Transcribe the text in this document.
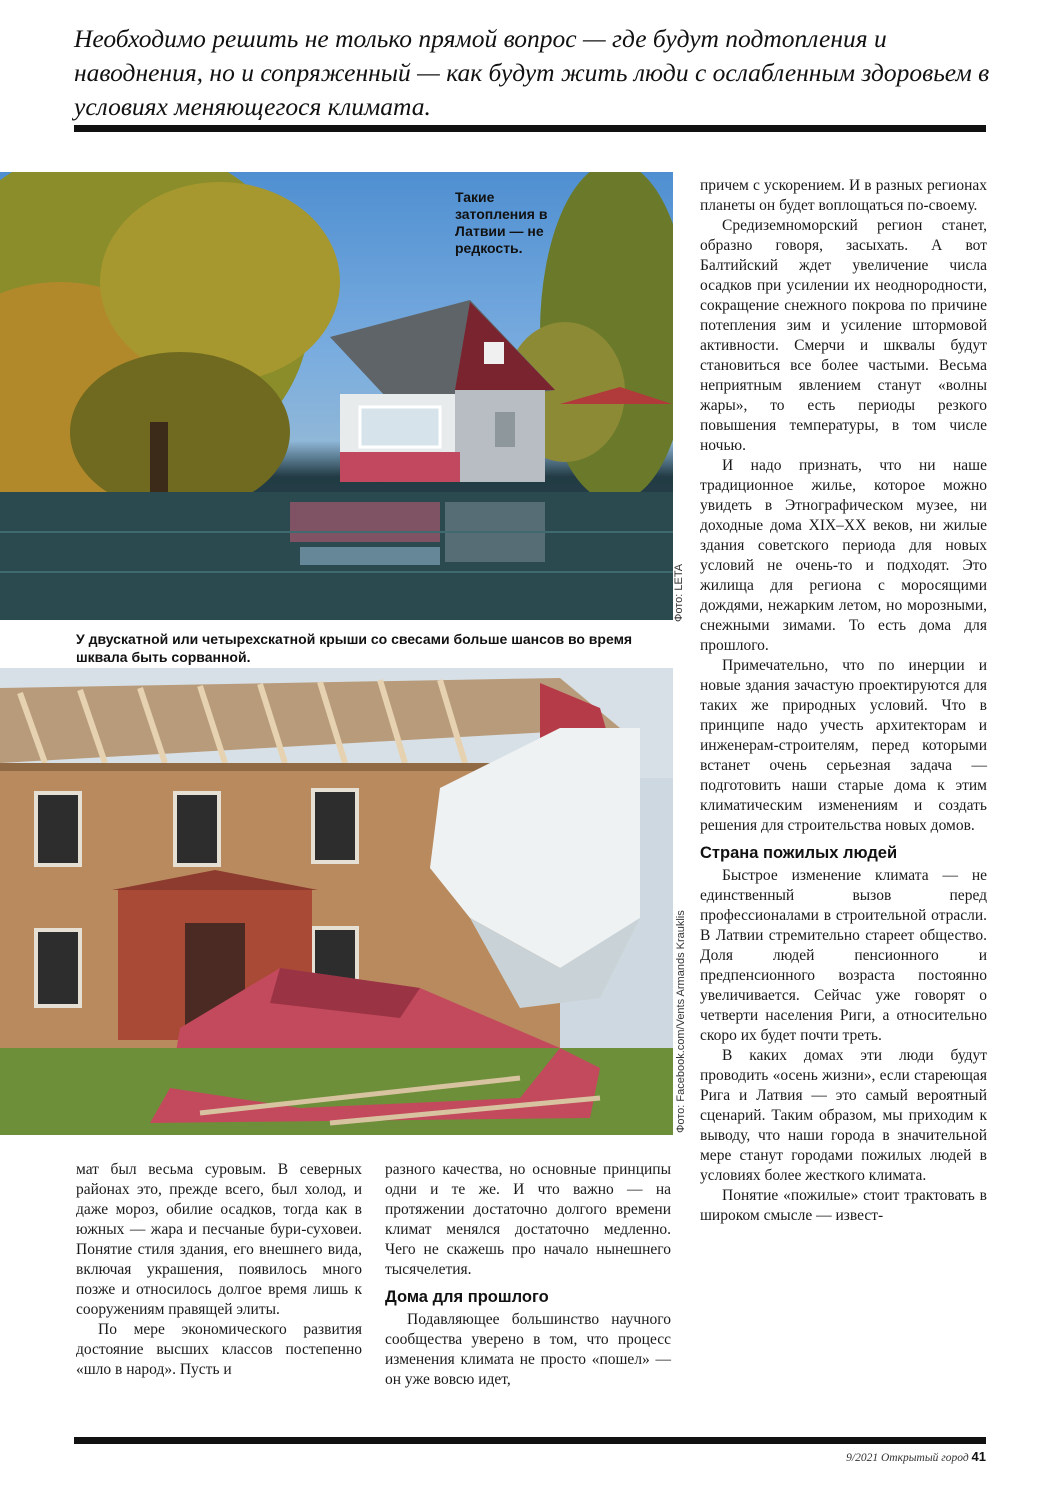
Необходимо решить не только прямой вопрос — где будут подтопления и наводнения, но и сопряженный — как будут жить люди с ослабленным здоровьем в условиях меняющегося климата.

Такие затопления в Латвии — не редкость.

Фото: LETA

У двускатной или четырехскатной крыши со свесами больше шансов во время шквала быть сорванной.

Фото: Facebook.com/Vents Armands Krauklis

мат был весьма суровым. В северных районах это, прежде всего, был холод, и даже мороз, обилие осадков, тогда как в южных — жара и песчаные бури-суховеи. Понятие стиля здания, его внешнего вида, включая украшения, появилось много позже и относилось долгое время лишь к сооружениям правящей элиты.

По мере экономического развития достояние высших классов постепенно «шло в народ». Пусть и

разного качества, но основные принципы одни и те же. И что важно — на протяжении достаточно долгого времени климат менялся достаточно медленно. Чего не скажешь про начало нынешнего тысячелетия.

Дома для прошлого

Подавляющее большинство научного сообщества уверено в том, что процесс изменения климата не просто «пошел» — он уже вовсю идет,

причем с ускорением. И в разных регионах планеты он будет воплощаться по-своему.

Средиземноморский регион станет, образно говоря, засыхать. А вот Балтийский ждет увеличение числа осадков при усилении их неоднородности, сокращение снежного покрова по причине потепления зим и усиление штормовой активности. Смерчи и шквалы будут становиться все более частыми. Весьма неприятным явлением станут «волны жары», то есть периоды резкого повышения температуры, в том числе ночью.

И надо признать, что ни наше традиционное жилье, которое можно увидеть в Этнографическом музее, ни доходные дома XIX–XX веков, ни жилые здания советского периода для новых условий не очень-то и подходят. Это жилища для региона с моросящими дождями, нежарким летом, но морозными, снежными зимами. То есть дома для прошлого.

Примечательно, что по инерции и новые здания зачастую проектируются для таких же природных условий. Что в принципе надо учесть архитекторам и инженерам-строителям, перед которыми встанет очень серьезная задача — подготовить наши старые дома к этим климатическим изменениям и создать решения для строительства новых домов.

Страна пожилых людей

Быстрое изменение климата — не единственный вызов перед профессионалами в строительной отрасли. В Латвии стремительно стареет общество. Доля людей пенсионного и предпенсионного возраста постоянно увеличивается. Сейчас уже говорят о четверти населения Риги, а относительно скоро их будет почти треть.

В каких домах эти люди будут проводить «осень жизни», если стареющая Рига и Латвия — это самый вероятный сценарий. Таким образом, мы приходим к выводу, что наши города в значительной мере станут городами пожилых людей в условиях более жесткого климата.

Понятие «пожилые» стоит трактовать в широком смысле — извест-

9/2021 Открытый город 41
